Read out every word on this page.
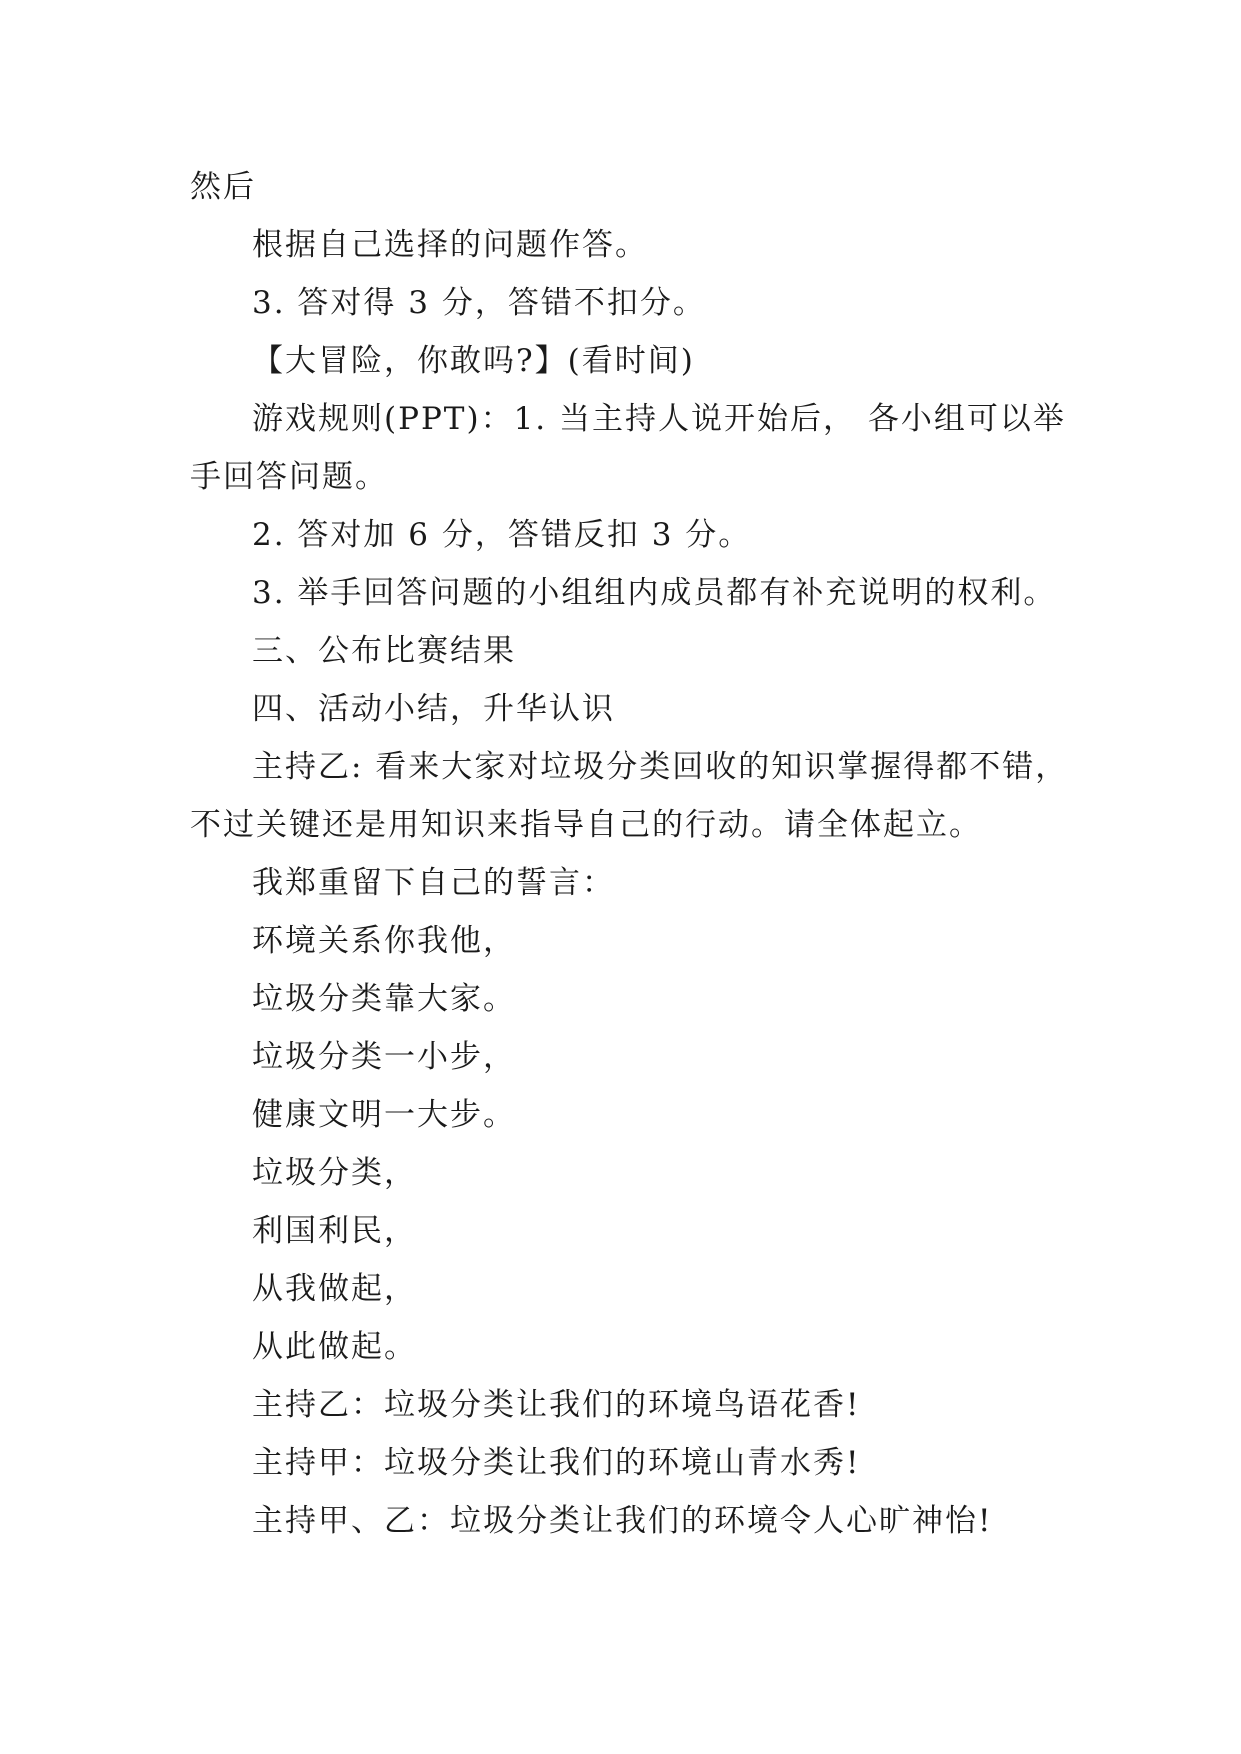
然后
根据自己选择的问题作答。
3. 答对得 3 分，答错不扣分。
【大冒险，你敢吗?】(看时间)
游戏规则(PPT)：1. 当主持人说开始后， 各小组可以举
手回答问题。
2. 答对加 6 分，答错反扣 3 分。
3. 举手回答问题的小组组内成员都有补充说明的权利。
三、公布比赛结果
四、活动小结，升华认识
主持乙: 看来大家对垃圾分类回收的知识掌握得都不错，
不过关键还是用知识来指导自己的行动。请全体起立。
我郑重留下自己的誓言：
环境关系你我他，
垃圾分类靠大家。
垃圾分类一小步，
健康文明一大步。
垃圾分类，
利国利民，
从我做起，
从此做起。
主持乙：垃圾分类让我们的环境鸟语花香!
主持甲：垃圾分类让我们的环境山青水秀!
主持甲、乙：垃圾分类让我们的环境令人心旷神怡!
